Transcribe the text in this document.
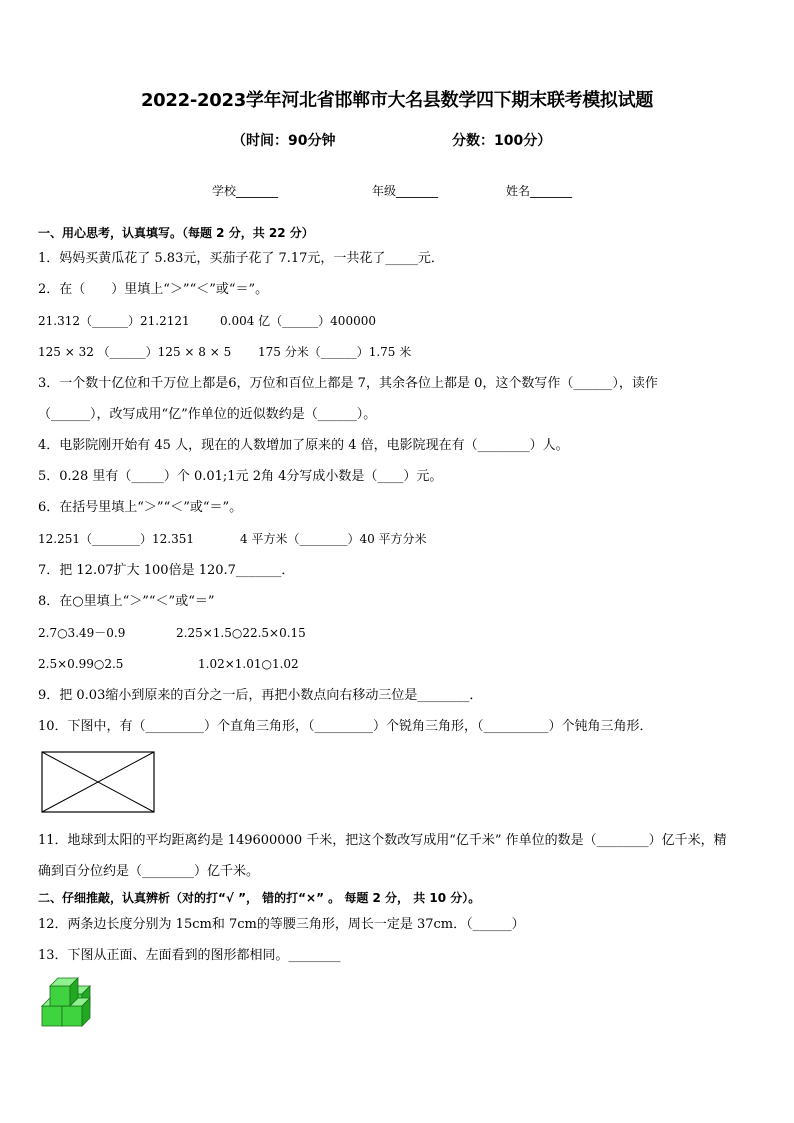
2022-2023学年河北省邯郸市大名县数学四下期末联考模拟试题
（时间：90分钟	分数：100分）
学校_______	年级_______	姓名_______
一、用心思考，认真填写。（每题 2 分，共 22 分）
1．妈妈买黄瓜花了 5.83元，买茄子花了 7.17元，一共花了_____元．
2．在（　　）里填上“＞”“＜”或“＝”。
21.312（______）21.2121	0.004 亿（______）400000
125 × 32 （______）125 × 8 × 5 175 分米（______）1.75 米
3．一个数十亿位和千万位上都是6，万位和百位上都是 7，其余各位上都是 0，这个数写作（______），读作
（______），改写成用“亿”作单位的近似数约是（______）。
4．电影院刚开始有 45 人，现在的人数增加了原来的 4 倍，电影院现在有（________）人。
5．0.28 里有（_____）个 0.01;1元 2角 4分写成小数是（____）元。
6．在括号里填上“＞”“＜”或“＝”。
12.251（________）12.351	4 平方米（________）40 平方分米
7．把 12.07扩大 100倍是 120.7_______．
8．在○里填上“＞”“＜”或“＝”
2.7○3.49－0.9	2.25×1.5○22.5×0.15
2.5×0.99○2.5	1.02×1.01○1.02
9．把 0.03缩小到原来的百分之一后，再把小数点向右移动三位是________．
10．下图中，有（_________）个直角三角形，（_________）个锐角三角形，（__________）个钝角三角形．
11．地球到太阳的平均距离约是 149600000 千米，把这个数改写成用“亿千米” 作单位的数是（________）亿千米，精
确到百分位约是（________）亿千米。
二、仔细推敲，认真辨析（对的打“√ ”， 错的打“×” 。 每题 2 分， 共 10 分）。
12．两条边长度分别为 15cm和 7cm的等腰三角形，周长一定是 37cm．（______）
13．下图从正面、左面看到的图形都相同。________
